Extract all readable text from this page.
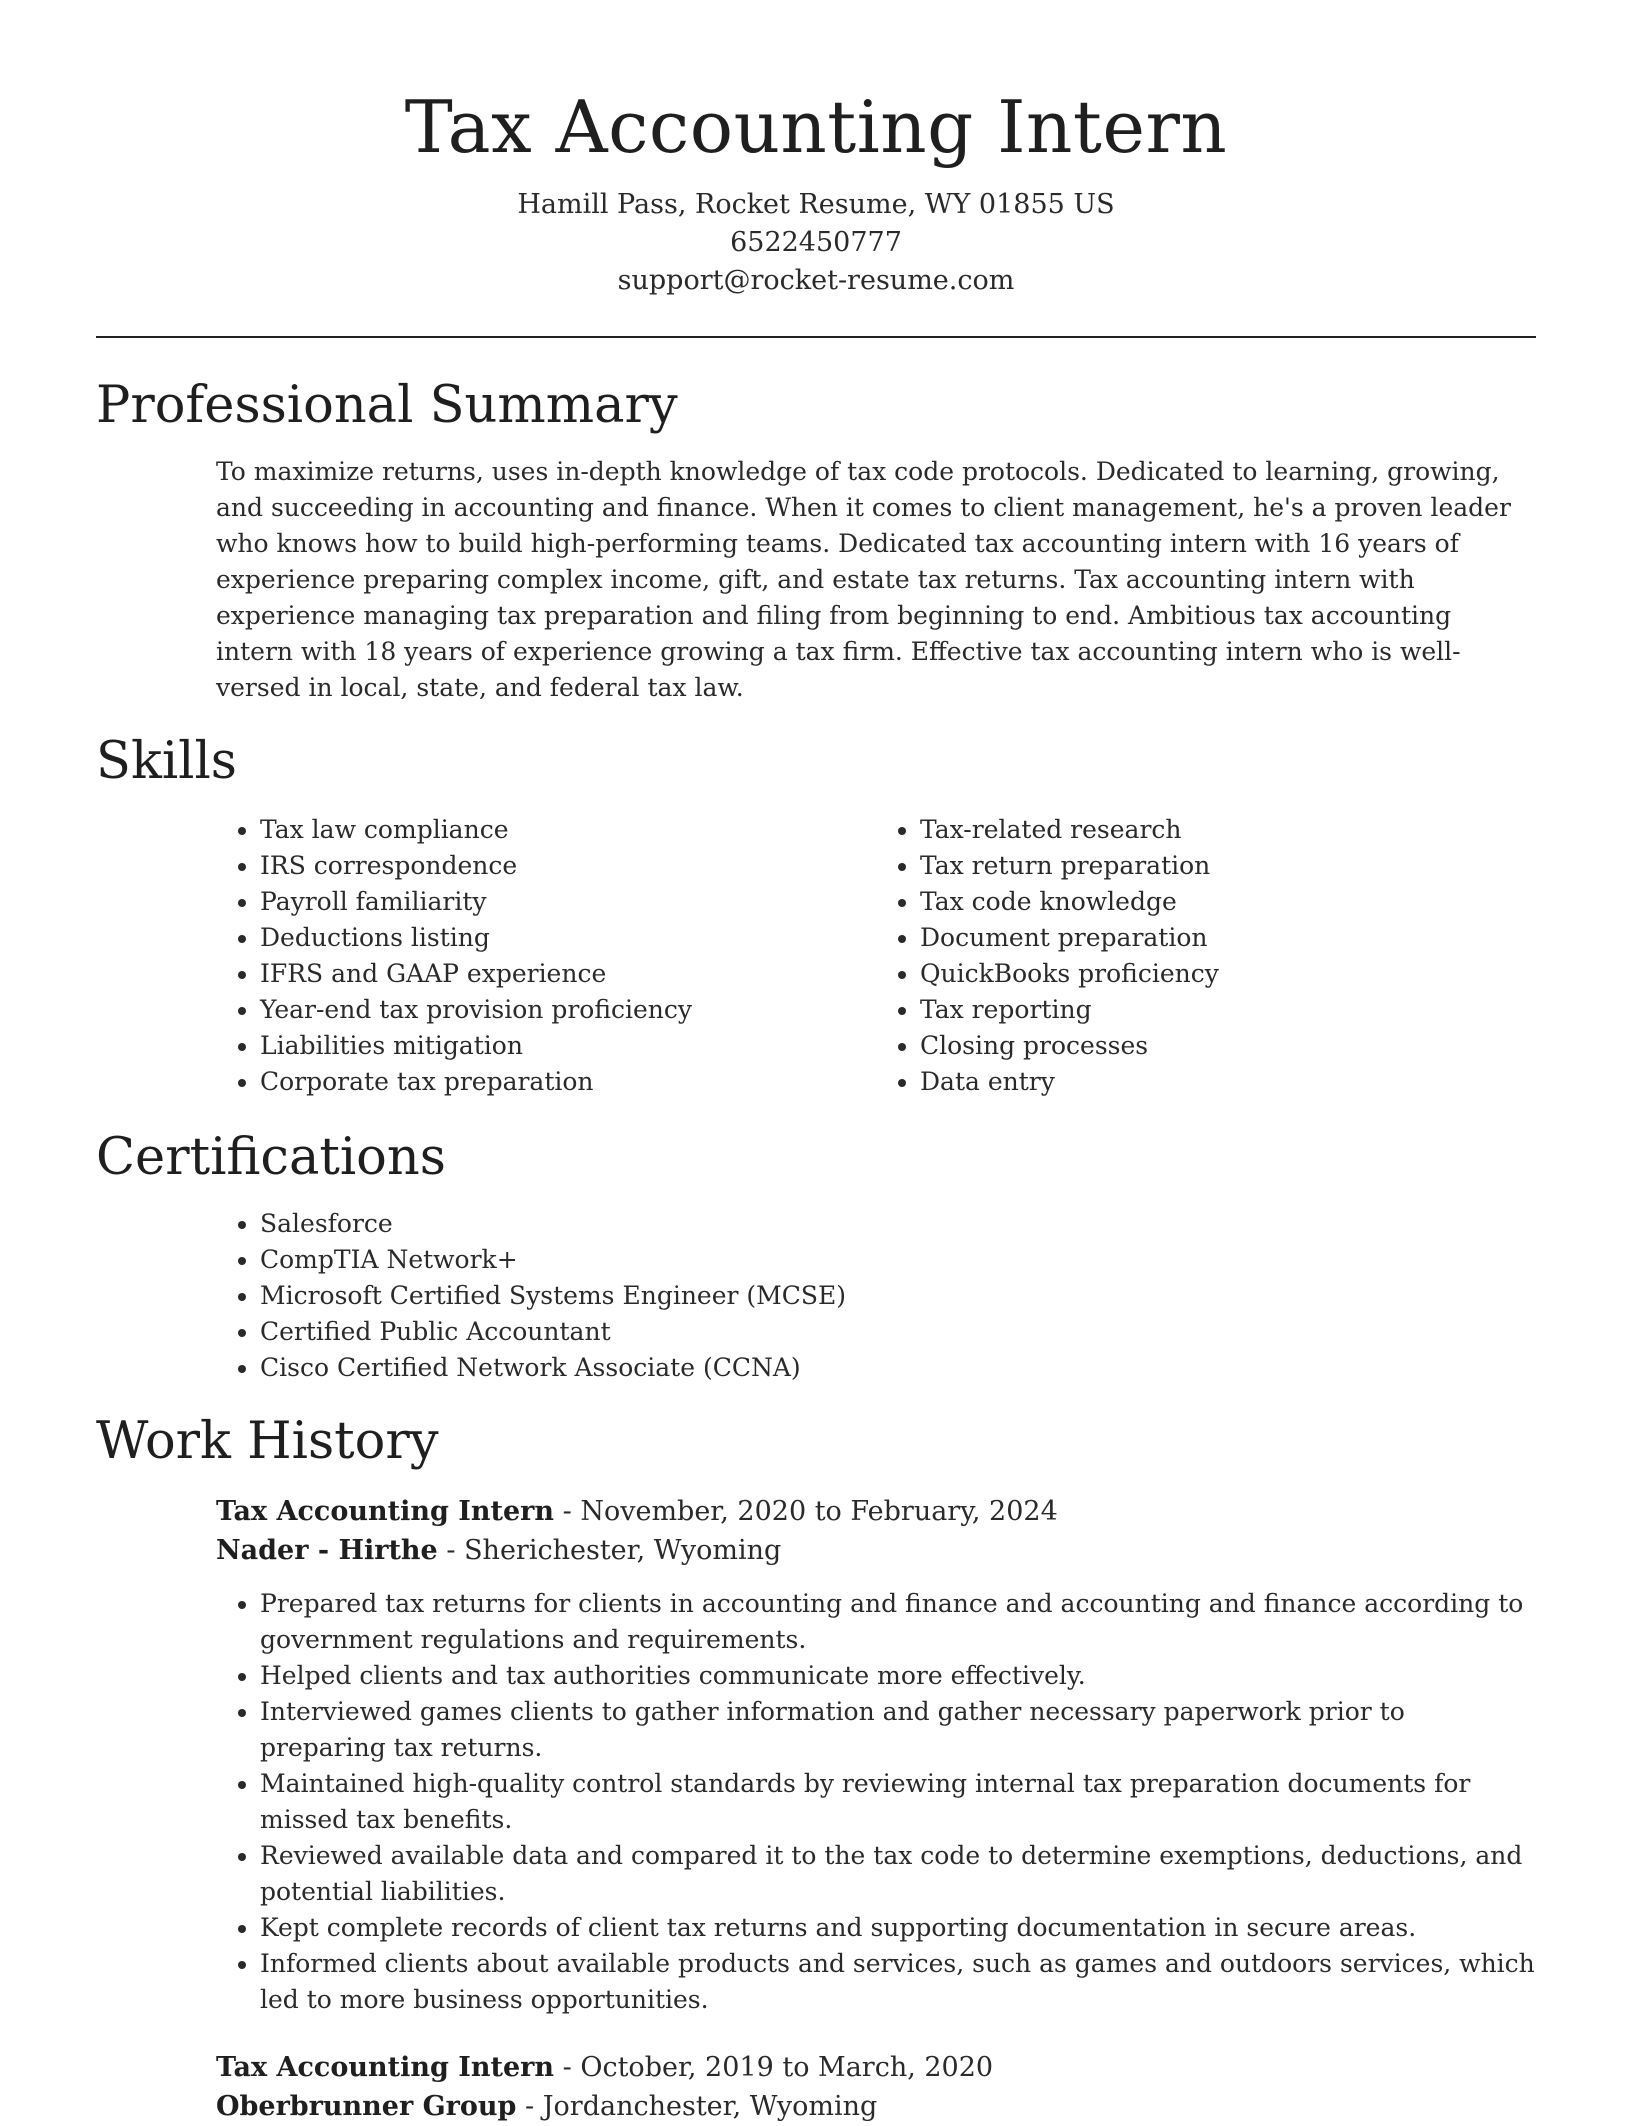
Tax Accounting Intern

Hamill Pass, Rocket Resume, WY 01855 US

6522450777

support@rocket-resume.com

Professional Summary

To maximize returns, uses in-depth knowledge of tax code protocols. Dedicated to learning, growing, and succeeding in accounting and finance. When it comes to client management, he's a proven leader who knows how to build high-performing teams. Dedicated tax accounting intern with 16 years of experience preparing complex income, gift, and estate tax returns. Tax accounting intern with experience managing tax preparation and filing from beginning to end. Ambitious tax accounting intern with 18 years of experience growing a tax firm. Effective tax accounting intern who is well-versed in local, state, and federal tax law.

Skills
• Tax law compliance
• IRS correspondence
• Payroll familiarity
• Deductions listing
• IFRS and GAAP experience
• Year-end tax provision proficiency
• Liabilities mitigation
• Corporate tax preparation
• Tax-related research
• Tax return preparation
• Tax code knowledge
• Document preparation
• QuickBooks proficiency
• Tax reporting
• Closing processes
• Data entry
Certifications
• Salesforce
• CompTIA Network+
• Microsoft Certified Systems Engineer (MCSE)
• Certified Public Accountant
• Cisco Certified Network Associate (CCNA)
Work History

Tax Accounting Intern - November, 2020 to February, 2024

Nader - Hirthe - Sherichester, Wyoming

• Prepared tax returns for clients in accounting and finance and accounting and finance according to government regulations and requirements.
• Helped clients and tax authorities communicate more effectively.
• Interviewed games clients to gather information and gather necessary paperwork prior to preparing tax returns.
• Maintained high-quality control standards by reviewing internal tax preparation documents for missed tax benefits.
• Reviewed available data and compared it to the tax code to determine exemptions, deductions, and potential liabilities.
• Kept complete records of client tax returns and supporting documentation in secure areas.
• Informed clients about available products and services, such as games and outdoors services, which led to more business opportunities.

Tax Accounting Intern - October, 2019 to March, 2020

Oberbrunner Group - Jordanchester, Wyoming
